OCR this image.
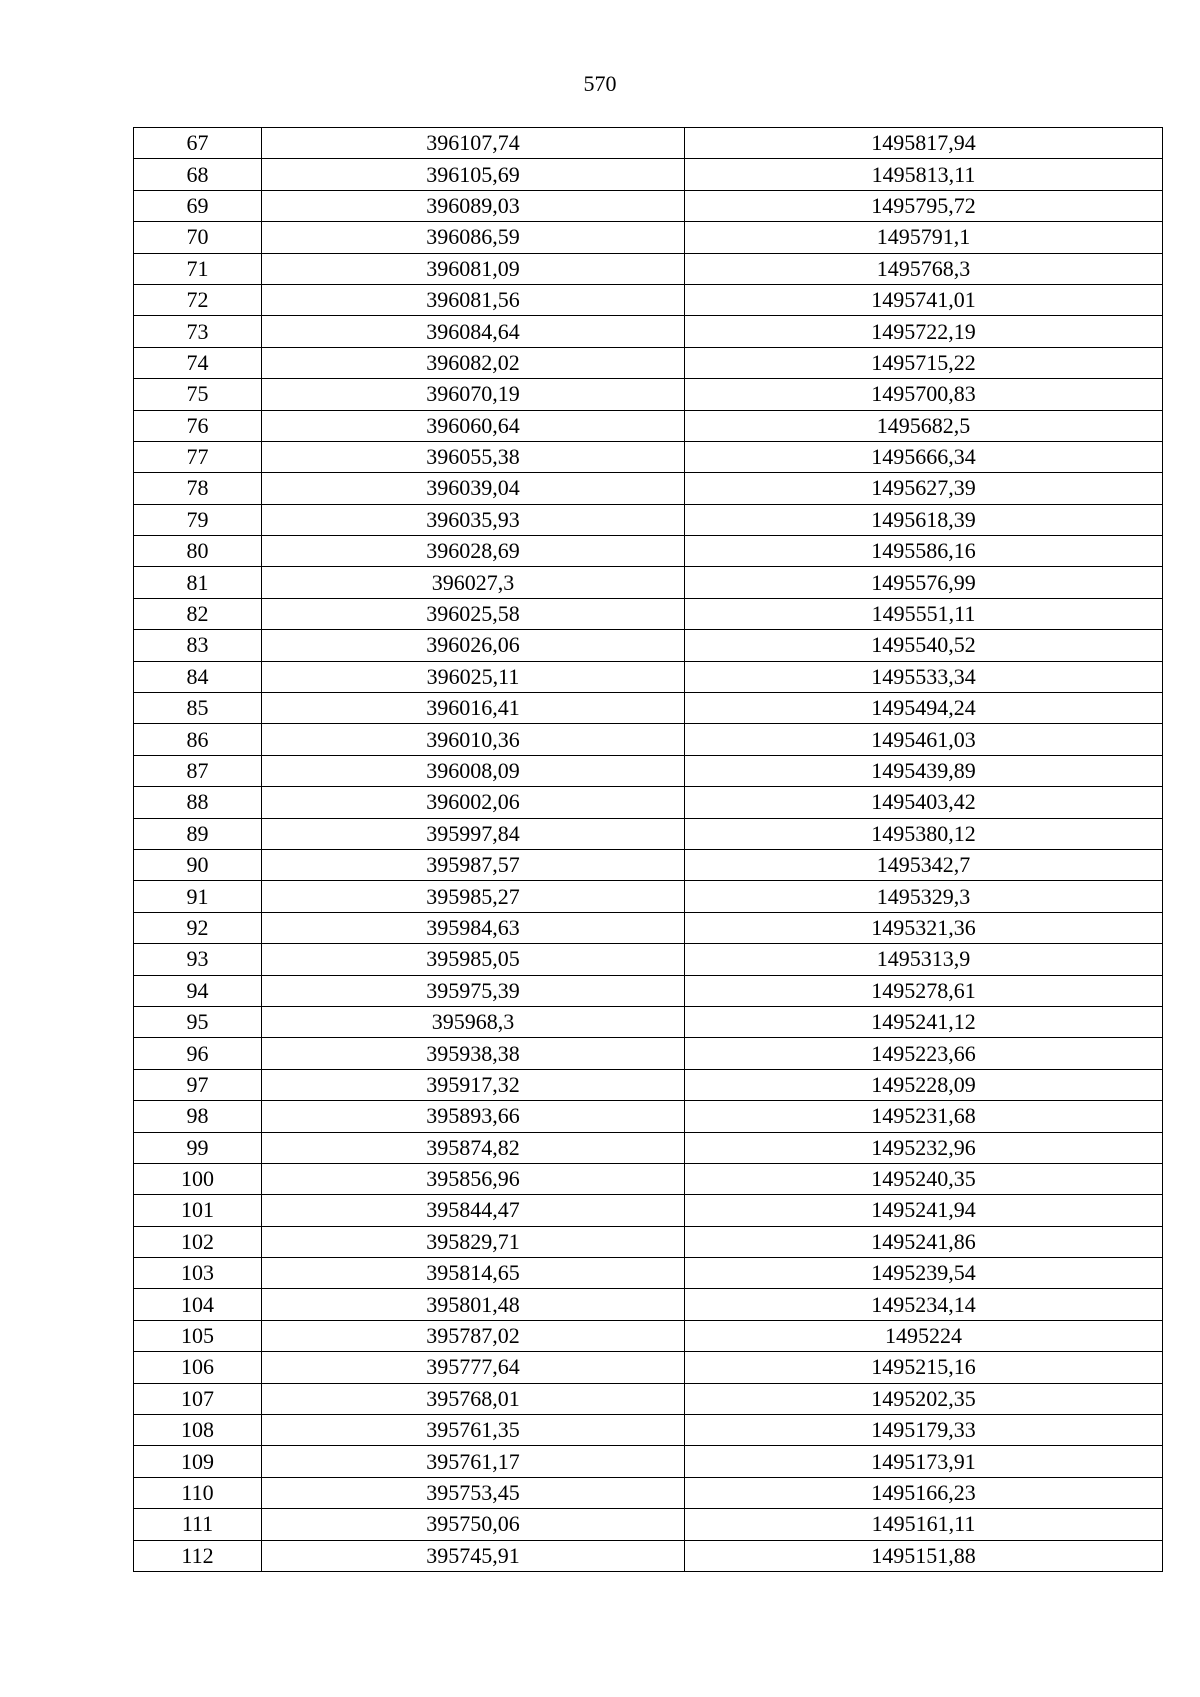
570
67	396107,74	1495817,94
68	396105,69	1495813,11
69	396089,03	1495795,72
70	396086,59	1495791,1
71	396081,09	1495768,3
72	396081,56	1495741,01
73	396084,64	1495722,19
74	396082,02	1495715,22
75	396070,19	1495700,83
76	396060,64	1495682,5
77	396055,38	1495666,34
78	396039,04	1495627,39
79	396035,93	1495618,39
80	396028,69	1495586,16
81	396027,3	1495576,99
82	396025,58	1495551,11
83	396026,06	1495540,52
84	396025,11	1495533,34
85	396016,41	1495494,24
86	396010,36	1495461,03
87	396008,09	1495439,89
88	396002,06	1495403,42
89	395997,84	1495380,12
90	395987,57	1495342,7
91	395985,27	1495329,3
92	395984,63	1495321,36
93	395985,05	1495313,9
94	395975,39	1495278,61
95	395968,3	1495241,12
96	395938,38	1495223,66
97	395917,32	1495228,09
98	395893,66	1495231,68
99	395874,82	1495232,96
100	395856,96	1495240,35
101	395844,47	1495241,94
102	395829,71	1495241,86
103	395814,65	1495239,54
104	395801,48	1495234,14
105	395787,02	1495224
106	395777,64	1495215,16
107	395768,01	1495202,35
108	395761,35	1495179,33
109	395761,17	1495173,91
110	395753,45	1495166,23
111	395750,06	1495161,11
112	395745,91	1495151,88
